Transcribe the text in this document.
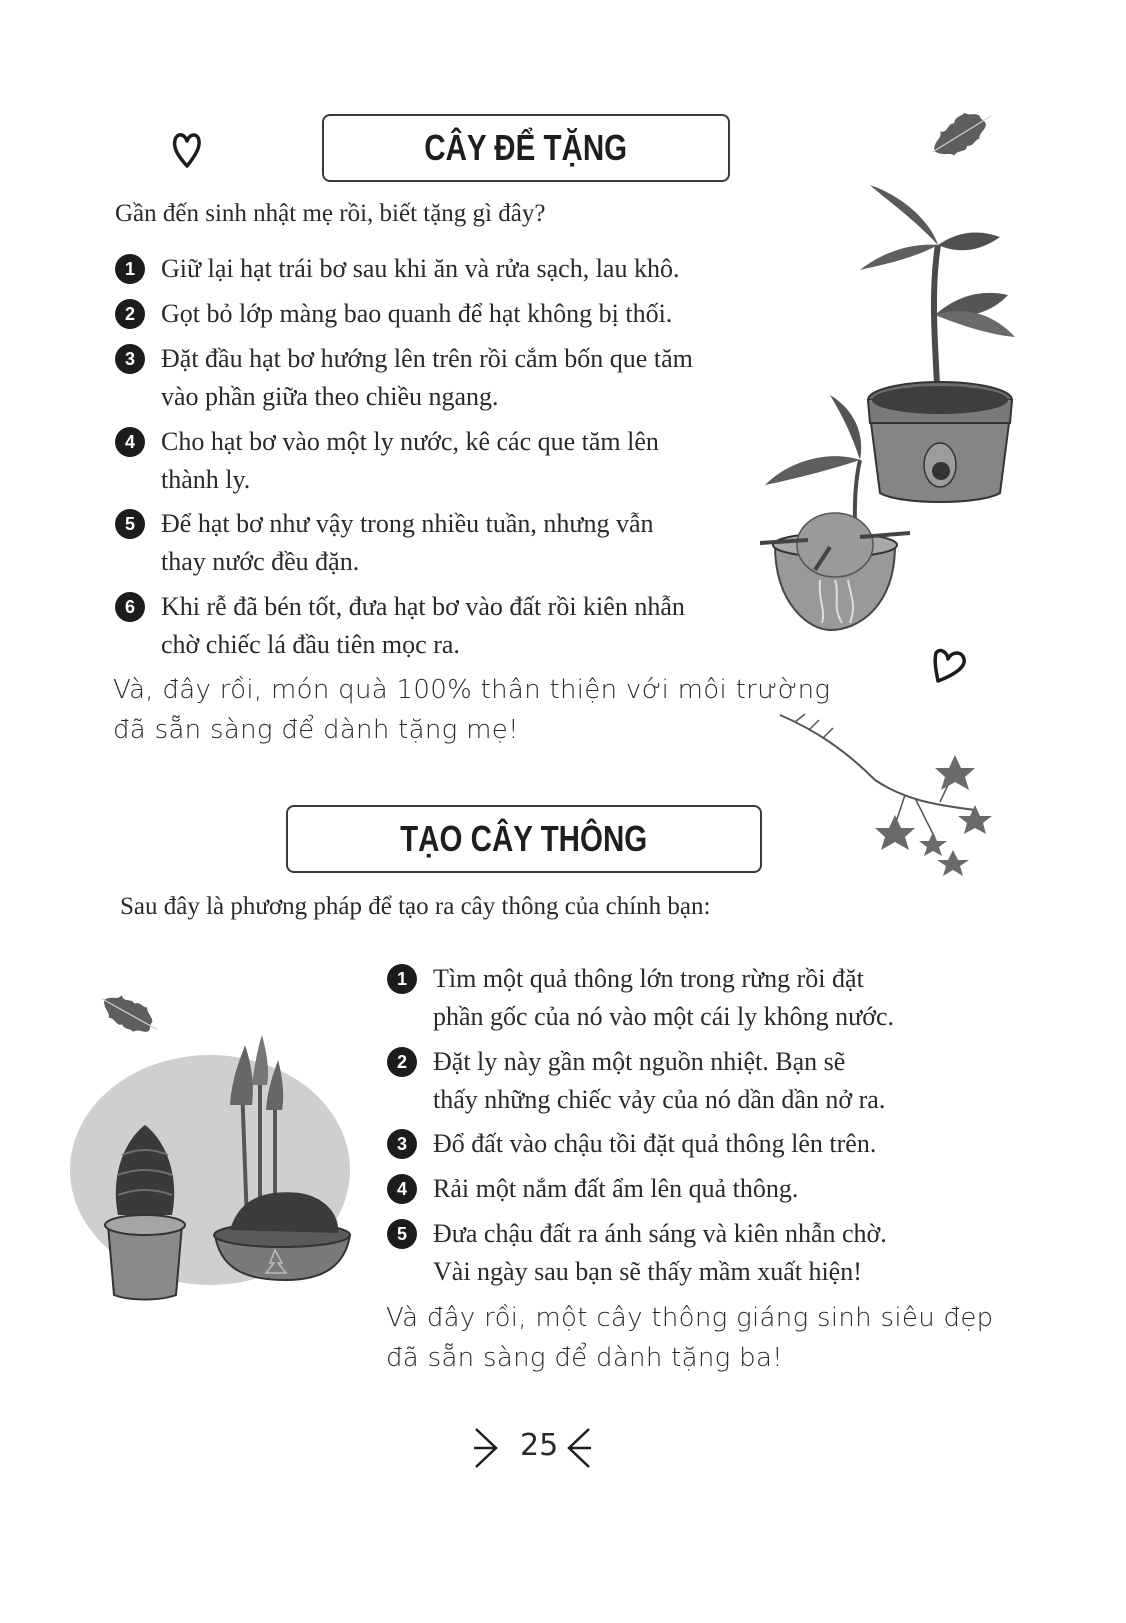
CÂY ĐỂ TẶNG
Gần đến sinh nhật mẹ rồi, biết tặng gì đây?
1	Giữ lại hạt trái bơ sau khi ăn và rửa sạch, lau khô.
2	Gọt bỏ lớp màng bao quanh để hạt không bị thối.
3	Đặt đầu hạt bơ hướng lên trên rồi cắm bốn que tăm
vào phần giữa theo chiều ngang.
4	Cho hạt bơ vào một ly nước, kê các que tăm lên
thành ly.
5	Để hạt bơ như vậy trong nhiều tuần, nhưng vẫn
thay nước đều đặn.
6	Khi rễ đã bén tốt, đưa hạt bơ vào đất rồi kiên nhẫn
chờ chiếc lá đầu tiên mọc ra.
Và, đây rồi, món quà 100% thân thiện với môi trường
đã sẵn sàng để dành tặng mẹ!
TẠO CÂY THÔNG
Sau đây là phương pháp để tạo ra cây thông của chính bạn:
1	Tìm một quả thông lớn trong rừng rồi đặt
phần gốc của nó vào một cái ly không nước.
2	Đặt ly này gần một nguồn nhiệt. Bạn sẽ
thấy những chiếc vảy của nó dần dần nở ra.
3	Đổ đất vào chậu tồi đặt quả thông lên trên.
4	Rải một nắm đất ẩm lên quả thông.
5	Đưa chậu đất ra ánh sáng và kiên nhẫn chờ.
Vài ngày sau bạn sẽ thấy mầm xuất hiện!
Và đây rồi, một cây thông giáng sinh siêu đẹp
đã sẵn sàng để dành tặng ba!
25
